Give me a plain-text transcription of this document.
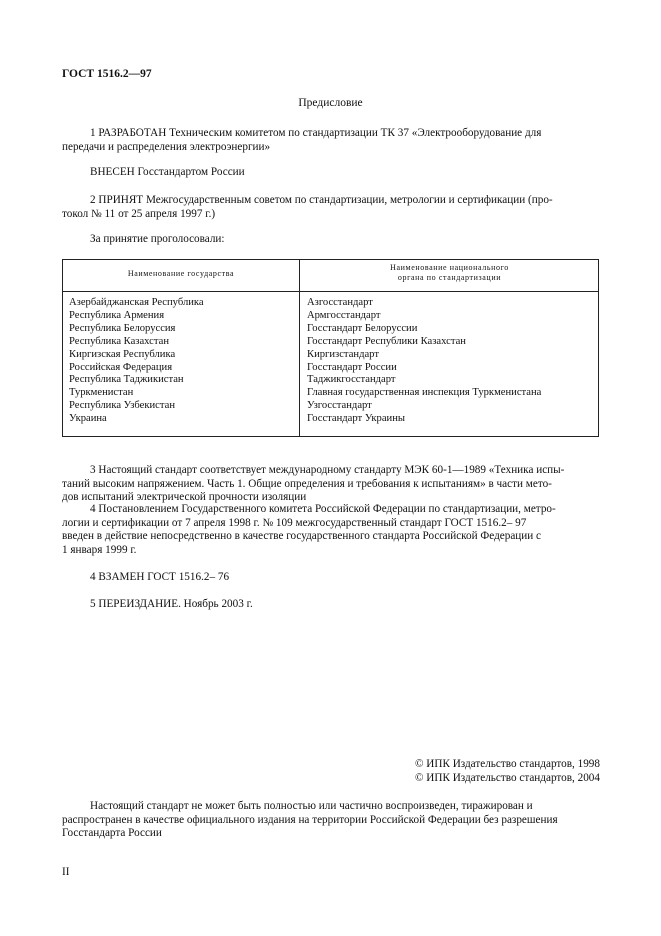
ГОСТ 1516.2—97
Предисловие
1 РАЗРАБОТАН Техническим комитетом по стандартизации ТК 37 «Электрооборудование для
передачи и распределения электроэнергии»
ВНЕСЕН Госстандартом России
2 ПРИНЯТ Межгосударственным советом по стандартизации, метрологии и сертификации (про-
токол № 11 от 25 апреля 1997 г.)
За принятие проголосовали:
Наименование государства
Наименование национального
органа по стандартизации
Азербайджанская Республика
Республика Армения
Республика Белоруссия
Республика Казахстан
Киргизская Республика
Российская Федерация
Республика Таджикистан
Туркменистан
Республика Узбекистан
Украина
Азгосстандарт
Армгосстандарт
Госстандарт Белоруссии
Госстандарт Республики Казахстан
Киргизстандарт
Госстандарт России
Таджикгосстандарт
Главная государственная инспекция Туркменистана
Узгосстандарт
Госстандарт Украины
3 Настоящий стандарт соответствует международному стандарту МЭК 60-1—1989 «Техника испы-
таний высоким напряжением. Часть 1. Общие определения и требования к испытаниям» в части мето-
дов испытаний электрической прочности изоляции
4 Постановлением Государственного комитета Российской Федерации по стандартизации, метро-
логии и сертификации от 7 апреля 1998 г. № 109 межгосударственный стандарт ГОСТ 1516.2– 97
введен в действие непосредственно в качестве государственного стандарта Российской Федерации с
1 января 1999 г.
4 ВЗАМЕН ГОСТ 1516.2– 76
5 ПЕРЕИЗДАНИЕ. Ноябрь 2003 г.
© ИПК Издательство стандартов, 1998
© ИПК Издательство стандартов, 2004
Настоящий стандарт не может быть полностью или частично воспроизведен, тиражирован и
распространен в качестве официального издания на территории Российской Федерации без разрешения
Госстандарта России
II
